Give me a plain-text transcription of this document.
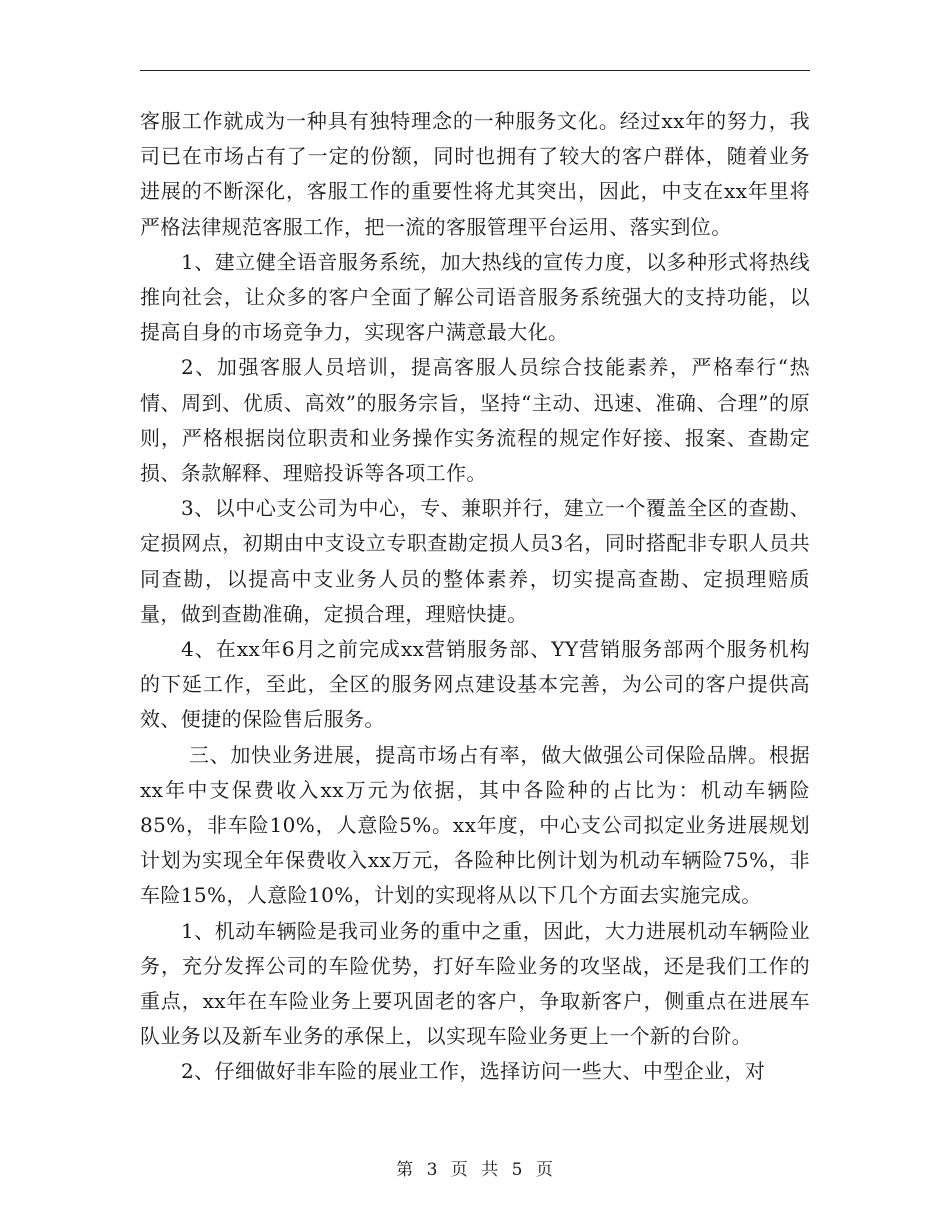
客服工作就成为一种具有独特理念的一种服务文化。经过xx年的努力，我司已在市场占有了一定的份额，同时也拥有了较大的客户群体，随着业务进展的不断深化，客服工作的重要性将尤其突出，因此，中支在xx年里将严格法律规范客服工作，把一流的客服管理平台运用、落实到位。

1、建立健全语音服务系统，加大热线的宣传力度，以多种形式将热线推向社会，让众多的客户全面了解公司语音服务系统强大的支持功能，以提高自身的市场竞争力，实现客户满意最大化。

2、加强客服人员培训，提高客服人员综合技能素养，严格奉行“热情、周到、优质、高效”的服务宗旨，坚持“主动、迅速、准确、合理”的原则，严格根据岗位职责和业务操作实务流程的规定作好接、报案、查勘定损、条款解释、理赔投诉等各项工作。

3、以中心支公司为中心，专、兼职并行，建立一个覆盖全区的查勘、定损网点，初期由中支设立专职查勘定损人员3名，同时搭配非专职人员共同查勘，以提高中支业务人员的整体素养，切实提高查勘、定损理赔质量，做到查勘准确，定损合理，理赔快捷。

4、在xx年6月之前完成xx营销服务部、YY营销服务部两个服务机构的下延工作，至此，全区的服务网点建设基本完善，为公司的客户提供高效、便捷的保险售后服务。

三、加快业务进展，提高市场占有率，做大做强公司保险品牌。根据xx年中支保费收入xx万元为依据，其中各险种的占比为：机动车辆险85%，非车险10%，人意险5%。xx年度，中心支公司拟定业务进展规划计划为实现全年保费收入xx万元，各险种比例计划为机动车辆险75%，非车险15%，人意险10%，计划的实现将从以下几个方面去实施完成。

1、机动车辆险是我司业务的重中之重，因此，大力进展机动车辆险业务，充分发挥公司的车险优势，打好车险业务的攻坚战，还是我们工作的重点，xx年在车险业务上要巩固老的客户，争取新客户，侧重点在进展车队业务以及新车业务的承保上，以实现车险业务更上一个新的台阶。

2、仔细做好非车险的展业工作，选择访问一些大、中型企业，对

第 3 页 共 5 页
